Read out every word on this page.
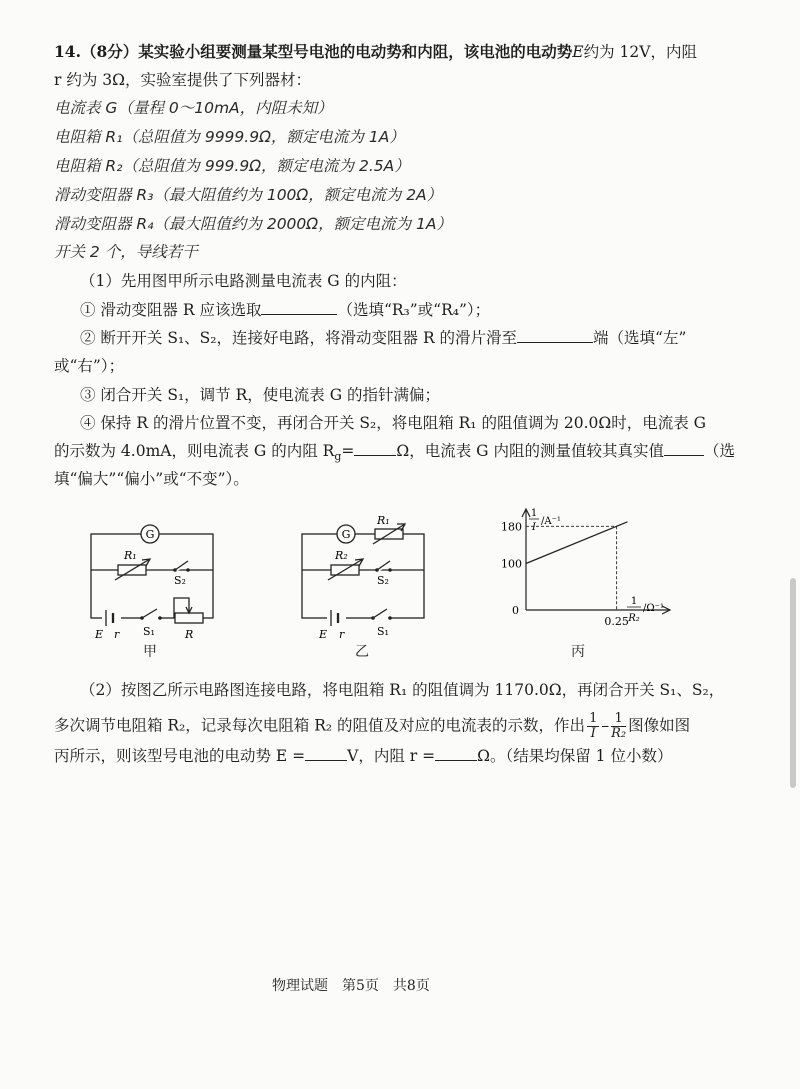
14.（8分）某实验小组要测量某型号电池的电动势和内阻，该电池的电动势E约为 12V，内阻
r 约为 3Ω，实验室提供了下列器材：
电流表 G（量程 0～10mA，内阻未知）
电阻箱 R₁（总阻值为 9999.9Ω，额定电流为 1A）
电阻箱 R₂（总阻值为 999.9Ω，额定电流为 2.5A）
滑动变阻器 R₃（最大阻值约为 100Ω，额定电流为 2A）
滑动变阻器 R₄（最大阻值约为 2000Ω，额定电流为 1A）
开关 2 个，导线若干
（1）先用图甲所示电路测量电流表 G 的内阻：
① 滑动变阻器 R 应该选取	（选填“R₃”或“R₄”）；
② 断开开关 S₁、S₂，连接好电路，将滑动变阻器 R 的滑片滑至	端（选填“左”
或“右”）；
③ 闭合开关 S₁，调节 R，使电流表 G 的指针满偏；
④ 保持 R 的滑片位置不变，再闭合开关 S₂，将电阻箱 R₁ 的阻值调为 20.0Ω时，电流表 G
的示数为 4.0mA，则电流表 G 的内阻 $R_g=$	Ω，电流表 G 内阻的测量值较其真实值	（选
填“偏大”“偏小”或“不变”）。
G
R₁
S₂
E r S₁	R
甲
G
R₁
R₂
S₂
E r	S₁
乙
100
180
0.25
1
I
/A⁻¹
1
R₂
/Ω⁻¹
0
丙
（2）按图乙所示电路图连接电路，将电阻箱 R₁ 的阻值调为 1170.0Ω，再闭合开关 S₁、S₂，
多次调节电阻箱 R₂，记录每次电阻箱 R₂ 的阻值及对应的电流表的示数，作出 $\frac{1}{I} - \frac{1}{\text{R₂}}$ 图像如图
丙所示，则该型号电池的电动势 E =	V，内阻 r =	Ω。（结果均保留 1 位小数）
物理试题　第5页　共8页
